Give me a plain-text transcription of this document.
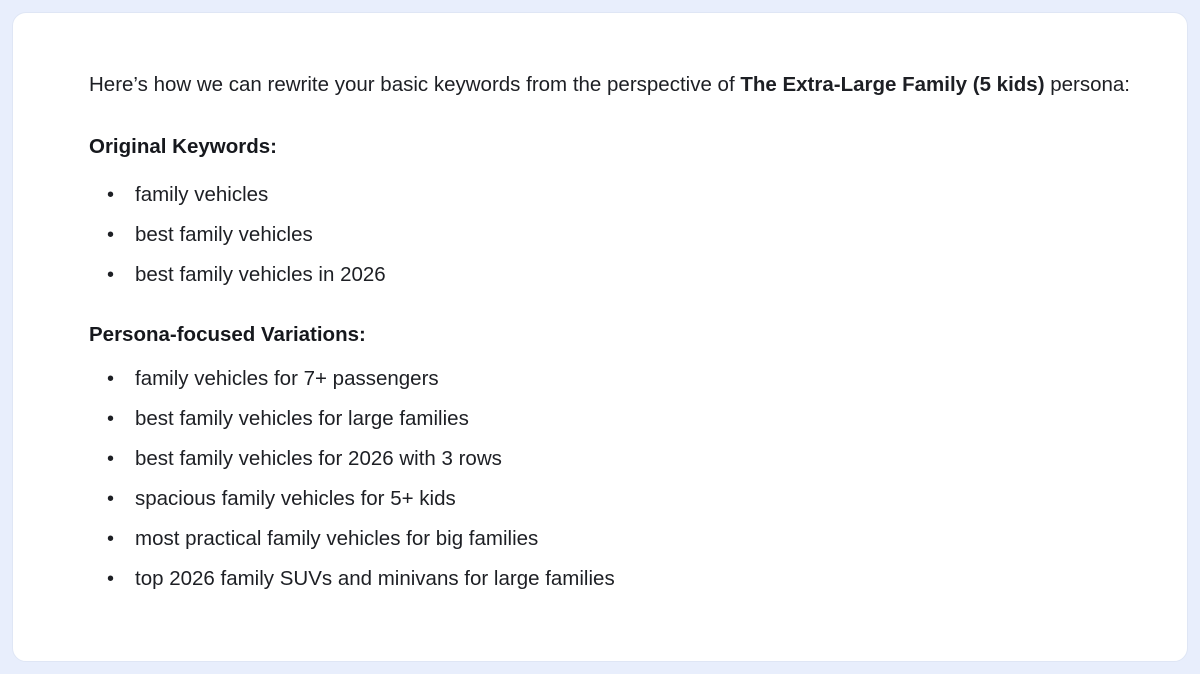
Here’s how we can rewrite your basic keywords from the perspective of The Extra-Large Family (5 kids) persona:

Original Keywords:
• family vehicles
• best family vehicles
• best family vehicles in 2026
Persona-focused Variations:
• family vehicles for 7+ passengers
• best family vehicles for large families
• best family vehicles for 2026 with 3 rows
• spacious family vehicles for 5+ kids
• most practical family vehicles for big families
• top 2026 family SUVs and minivans for large families
